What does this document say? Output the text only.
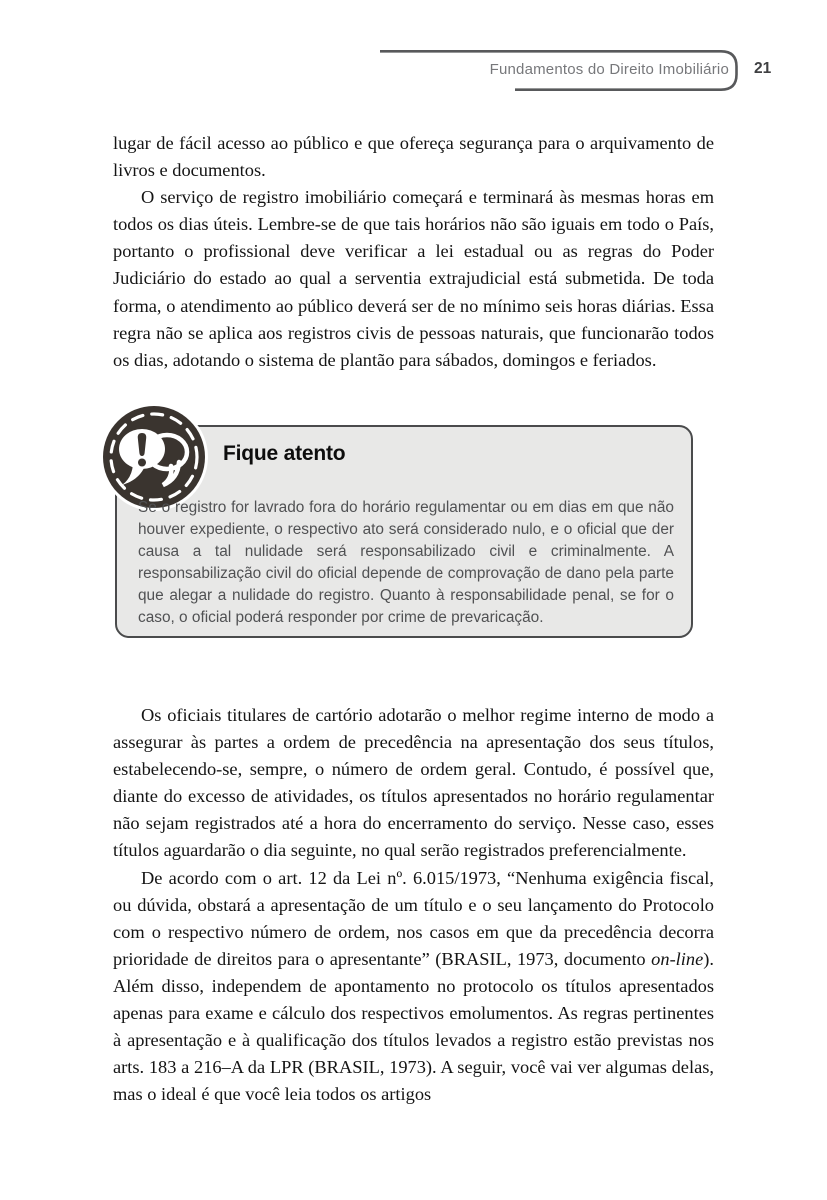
Fundamentos do Direito Imobiliário 21

lugar de fácil acesso ao público e que ofereça segurança para o arquivamento de livros e documentos.

O serviço de registro imobiliário começará e terminará às mesmas horas em todos os dias úteis. Lembre-se de que tais horários não são iguais em todo o País, portanto o profissional deve verificar a lei estadual ou as regras do Poder Judiciário do estado ao qual a serventia extrajudicial está submetida. De toda forma, o atendimento ao público deverá ser de no mínimo seis horas diárias. Essa regra não se aplica aos registros civis de pessoas naturais, que funcionarão todos os dias, adotando o sistema de plantão para sábados, domingos e feriados.

Fique atento

Se o registro for lavrado fora do horário regulamentar ou em dias em que não houver expediente, o respectivo ato será considerado nulo, e o oficial que der causa a tal nulidade será responsabilizado civil e criminalmente. A responsabilização civil do oficial depende de comprovação de dano pela parte que alegar a nulidade do registro. Quanto à responsabilidade penal, se for o caso, o oficial poderá responder por crime de prevaricação.

Os oficiais titulares de cartório adotarão o melhor regime interno de modo a assegurar às partes a ordem de precedência na apresentação dos seus títulos, estabelecendo-se, sempre, o número de ordem geral. Contudo, é possível que, diante do excesso de atividades, os títulos apresentados no horário regulamentar não sejam registrados até a hora do encerramento do serviço. Nesse caso, esses títulos aguardarão o dia seguinte, no qual serão registrados preferencialmente.

De acordo com o art. 12 da Lei nº. 6.015/1973, “Nenhuma exigência fiscal, ou dúvida, obstará a apresentação de um título e o seu lançamento do Protocolo com o respectivo número de ordem, nos casos em que da precedência decorra prioridade de direitos para o apresentante” (BRASIL, 1973, documento on-line). Além disso, independem de apontamento no protocolo os títulos apresentados apenas para exame e cálculo dos respectivos emolumentos. As regras pertinentes à apresentação e à qualificação dos títulos levados a registro estão previstas nos arts. 183 a 216–A da LPR (BRASIL, 1973). A seguir, você vai ver algumas delas, mas o ideal é que você leia todos os artigos
